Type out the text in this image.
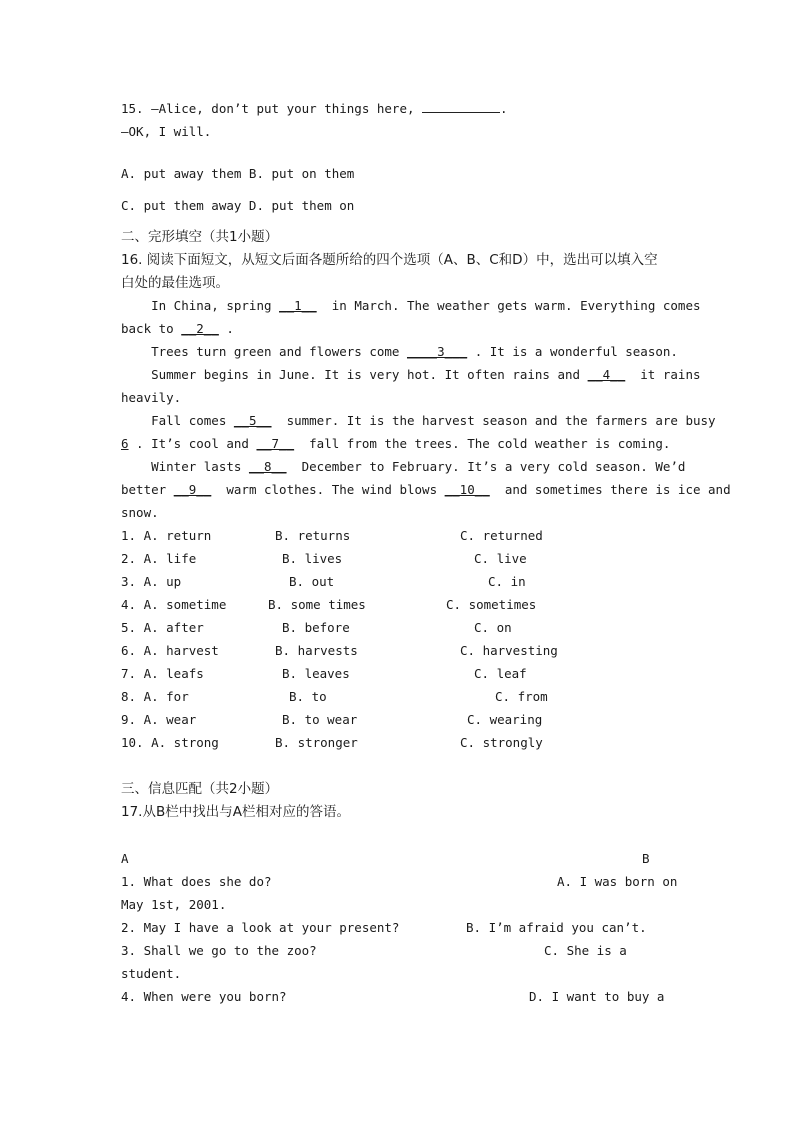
15. —Alice, don’t put your things here,	.
—OK, I will.
A. put away them B. put on them
C. put them away D. put them on
二、完形填空（共1小题）
16. 阅读下面短文，从短文后面各题所给的四个选项（A、B、C和D）中，选出可以填入空
白处的最佳选项。
In China, spring __1__  in March. The weather gets warm. Everything comes
back to __2__ .
Trees turn green and flowers come ____3___ . It is a wonderful season.
Summer begins in June. It is very hot. It often rains and __4__  it rains
heavily.
Fall comes __5__  summer. It is the harvest season and the farmers are busy
6 . It’s cool and __7__  fall from the trees. The cold weather is coming.
Winter lasts __8__  December to February. It’s a very cold season. We’d
better __9__  warm clothes. The wind blows __10__  and sometimes there is ice and
snow.
1. A. return	B. returns	C. returned
2. A. life	B. lives	C. live
3. A. up	B. out	C. in
4. A. sometime	B. some times	C. sometimes
5. A. after	B. before	C. on
6. A. harvest	B. harvests	C. harvesting
7. A. leafs	B. leaves	C. leaf
8. A. for	B. to	C. from
9. A. wear	B. to wear	C. wearing
10. A. strong	B. stronger	C. strongly
三、信息匹配（共2小题）
17.从B栏中找出与A栏相对应的答语。
A	B
1. What does she do?	A. I was born on
May 1st, 2001.
2. May I have a look at your present?	B. I’m afraid you can’t.
3. Shall we go to the zoo?	C. She is a
student.
4. When were you born?	D. I want to buy a
